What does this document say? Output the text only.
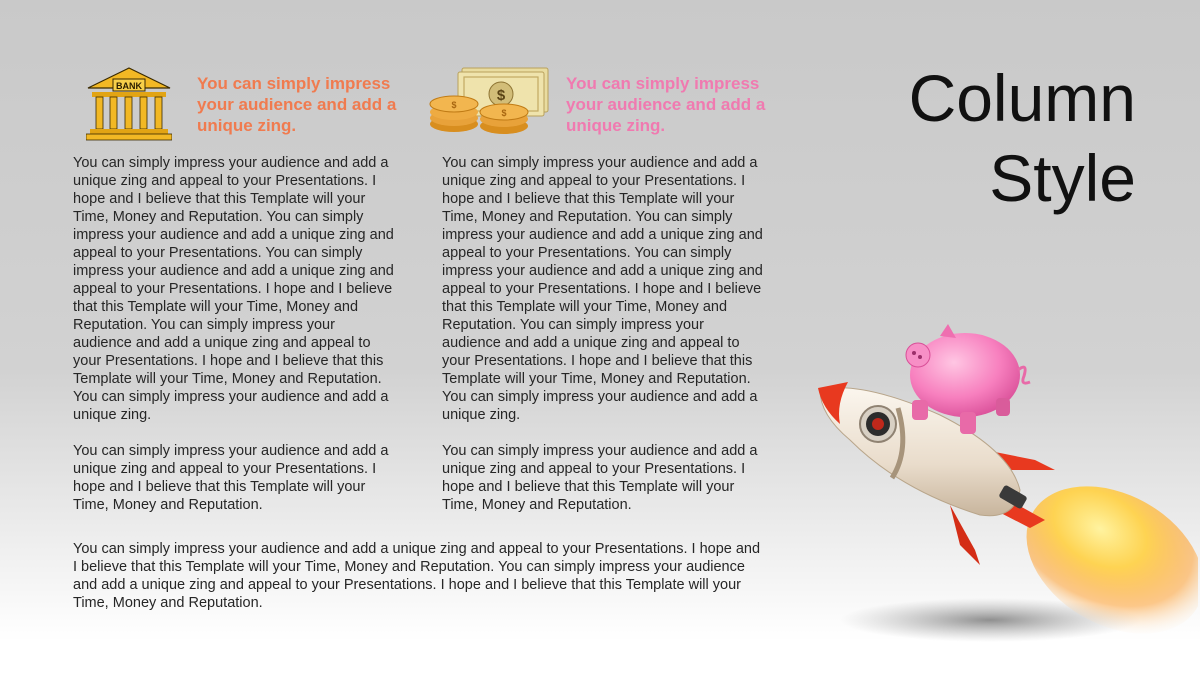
BANK	You can simply impress your audience and add a unique zing.

You can simply impress your audience and add a unique zing and appeal to your Presentations. I hope and I believe that this Template will your Time, Money and Reputation. You can simply impress your audience and add a unique zing and appeal to your Presentations. You can simply impress your audience and add a unique zing and appeal to your Presentations. I hope and I believe that this Template will your Time, Money and Reputation. You can simply impress your audience and add a unique zing and appeal to your Presentations. I hope and I believe that this Template will your Time, Money and Reputation. You can simply impress your audience and add a unique zing.

You can simply impress your audience and add a unique zing and appeal to your Presentations. I hope and I believe that this Template will your Time, Money and Reputation.

$
$
$
You can simply impress your audience and add a unique zing.

You can simply impress your audience and add a unique zing and appeal to your Presentations. I hope and I believe that this Template will your Time, Money and Reputation. You can simply impress your audience and add a unique zing and appeal to your Presentations. You can simply impress your audience and add a unique zing and appeal to your Presentations. I hope and I believe that this Template will your Time, Money and Reputation. You can simply impress your audience and add a unique zing and appeal to your Presentations. I hope and I believe that this Template will your Time, Money and Reputation. You can simply impress your audience and add a unique zing.

You can simply impress your audience and add a unique zing and appeal to your Presentations. I hope and I believe that this Template will your Time, Money and Reputation.

You can simply impress your audience and add a unique zing and appeal to your Presentations. I hope and I believe that this Template will your Time, Money and Reputation. You can simply impress your audience and add a unique zing and appeal to your Presentations. I hope and I believe that this Template will your Time, Money and Reputation.

Column
Style
